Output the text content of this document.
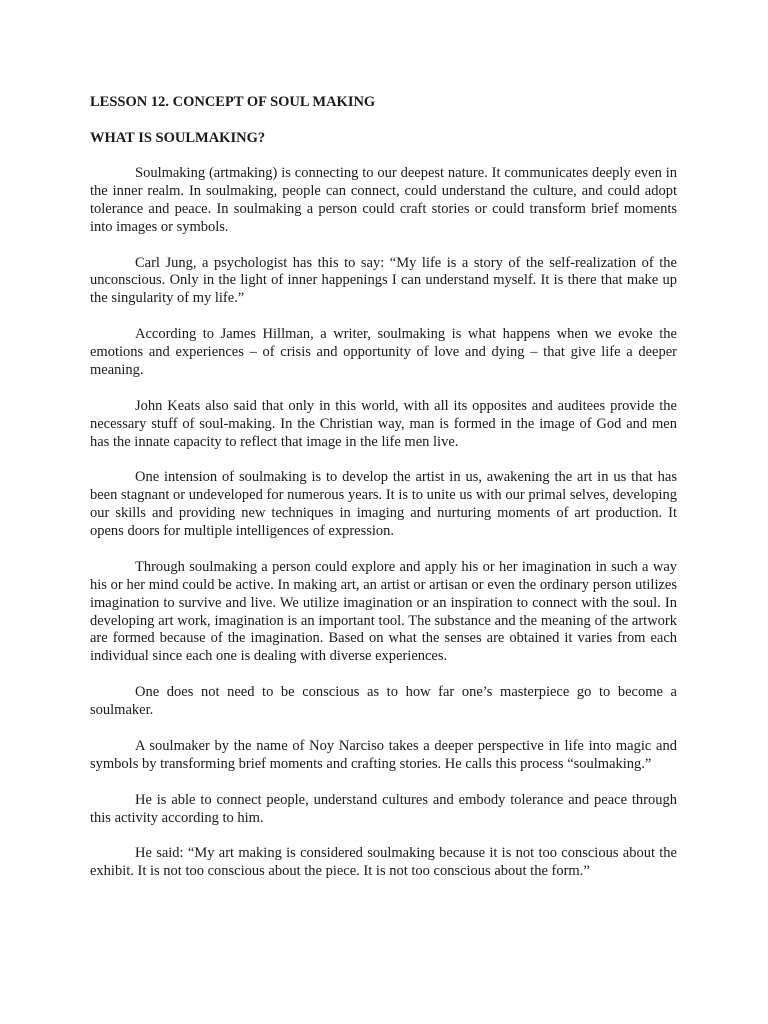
LESSON 12. CONCEPT OF SOUL MAKING

WHAT IS SOULMAKING?

Soulmaking (artmaking) is connecting to our deepest nature. It communicates deeply even in the inner realm. In soulmaking, people can connect, could understand the culture, and could adopt tolerance and peace. In soulmaking a person could craft stories or could transform brief moments into images or symbols.

Carl Jung, a psychologist has this to say: “My life is a story of the self-realization of the unconscious. Only in the light of inner happenings I can understand myself. It is there that make up the singularity of my life.”

According to James Hillman, a writer, soulmaking is what happens when we evoke the emotions and experiences – of crisis and opportunity of love and dying – that give life a deeper meaning.

John Keats also said that only in this world, with all its opposites and auditees provide the necessary stuff of soul-making. In the Christian way, man is formed in the image of God and men has the innate capacity to reflect that image in the life men live.

One intension of soulmaking is to develop the artist in us, awakening the art in us that has been stagnant or undeveloped for numerous years. It is to unite us with our primal selves, developing our skills and providing new techniques in imaging and nurturing moments of art production. It opens doors for multiple intelligences of expression.

Through soulmaking a person could explore and apply his or her imagination in such a way his or her mind could be active. In making art, an artist or artisan or even the ordinary person utilizes imagination to survive and live. We utilize imagination or an inspiration to connect with the soul. In developing art work, imagination is an important tool. The substance and the meaning of the artwork are formed because of the imagination. Based on what the senses are obtained it varies from each individual since each one is dealing with diverse experiences.

One does not need to be conscious as to how far one’s masterpiece go to become a soulmaker.

A soulmaker by the name of Noy Narciso takes a deeper perspective in life into magic and symbols by transforming brief moments and crafting stories. He calls this process “soulmaking.”

He is able to connect people, understand cultures and embody tolerance and peace through this activity according to him.

He said: “My art making is considered soulmaking because it is not too conscious about the exhibit. It is not too conscious about the piece. It is not too conscious about the form.”
